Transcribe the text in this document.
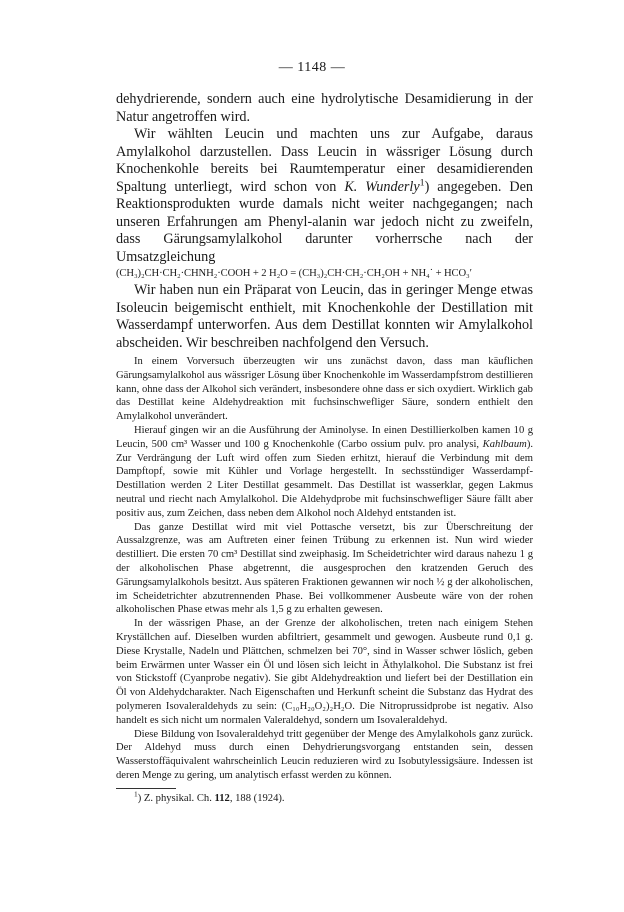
— 1148 —

dehydrierende, sondern auch eine hydrolytische Desamidierung in der Natur angetroffen wird.

Wir wählten Leucin und machten uns zur Aufgabe, daraus Amylalkohol darzustellen. Dass Leucin in wässriger Lösung durch Knochenkohle bereits bei Raumtemperatur einer desamidierenden Spaltung unterliegt, wird schon von K. Wunderly$^1$) angegeben. Den Reaktionsprodukten wurde damals nicht weiter nachgegangen; nach unseren Erfahrungen am Phenyl-alanin war jedoch nicht zu zweifeln, dass Gärungsamylalkohol darunter vorherrsche nach der Umsatzgleichung

(CH₃)₂CH·CH₂·CHNH₂·COOH + 2 H₂O = (CH₃)₂CH·CH₂·CH₂OH + NH₄˙ + HCO₃′

Wir haben nun ein Präparat von Leucin, das in geringer Menge etwas Isoleucin beigemischt enthielt, mit Knochenkohle der Destillation mit Wasserdampf unterworfen. Aus dem Destillat konnten wir Amylalkohol abscheiden. Wir beschreiben nachfolgend den Versuch.

In einem Vorversuch überzeugten wir uns zunächst davon, dass man käuflichen Gärungsamylalkohol aus wässriger Lösung über Knochenkohle im Wasserdampfstrom destillieren kann, ohne dass der Alkohol sich verändert, insbesondere ohne dass er sich oxydiert. Wirklich gab das Destillat keine Aldehydreaktion mit fuchsinschwefliger Säure, sondern enthielt den Amylalkohol unverändert.

Hierauf gingen wir an die Ausführung der Aminolyse. In einen Destillierkolben kamen 10 g Leucin, 500 cm³ Wasser und 100 g Knochenkohle (Carbo ossium pulv. pro analysi, Kahlbaum). Zur Verdrängung der Luft wird offen zum Sieden erhitzt, hierauf die Verbindung mit dem Dampftopf, sowie mit Kühler und Vorlage hergestellt. In sechsstündiger Wasserdampf-Destillation werden 2 Liter Destillat gesammelt. Das Destillat ist wasserklar, gegen Lakmus neutral und riecht nach Amylalkohol. Die Aldehydprobe mit fuchsinschwefliger Säure fällt aber positiv aus, zum Zeichen, dass neben dem Alkohol noch Aldehyd entstanden ist.

Das ganze Destillat wird mit viel Pottasche versetzt, bis zur Überschreitung der Aussalzgrenze, was am Auftreten einer feinen Trübung zu erkennen ist. Nun wird wieder destilliert. Die ersten 70 cm³ Destillat sind zweiphasig. Im Scheidetrichter wird daraus nahezu 1 g der alkoholischen Phase abgetrennt, die ausgesprochen den kratzenden Geruch des Gärungsamylalkohols besitzt. Aus späteren Fraktionen gewannen wir noch ½ g der alkoholischen, im Scheidetrichter abzutrennenden Phase. Bei vollkommener Ausbeute wäre von der rohen alkoholischen Phase etwas mehr als 1,5 g zu erhalten gewesen.

In der wässrigen Phase, an der Grenze der alkoholischen, treten nach einigem Stehen Kryställchen auf. Dieselben wurden abfiltriert, gesammelt und gewogen. Ausbeute rund 0,1 g. Diese Krystalle, Nadeln und Plättchen, schmelzen bei 70°, sind in Wasser schwer löslich, geben beim Erwärmen unter Wasser ein Öl und lösen sich leicht in Äthylalkohol. Die Substanz ist frei von Stickstoff (Cyanprobe negativ). Sie gibt Aldehydreaktion und liefert bei der Destillation ein Öl von Aldehydcharakter. Nach Eigenschaften und Herkunft scheint die Substanz das Hydrat des polymeren Isovaleraldehyds zu sein: (C₁₀H₂₀O₂)₂H₂O. Die Nitroprussidprobe ist negativ. Also handelt es sich nicht um normalen Valeraldehyd, sondern um Isovaleraldehyd.

Diese Bildung von Isovaleraldehyd tritt gegenüber der Menge des Amylalkohols ganz zurück. Der Aldehyd muss durch einen Dehydrierungsvorgang entstanden sein, dessen Wasserstoffäquivalent wahrscheinlich Leucin reduzieren wird zu Isobutylessigsäure. Indessen ist deren Menge zu gering, um analytisch erfasst werden zu können.

$^1$) Z. physikal. Ch. 112, 188 (1924).
